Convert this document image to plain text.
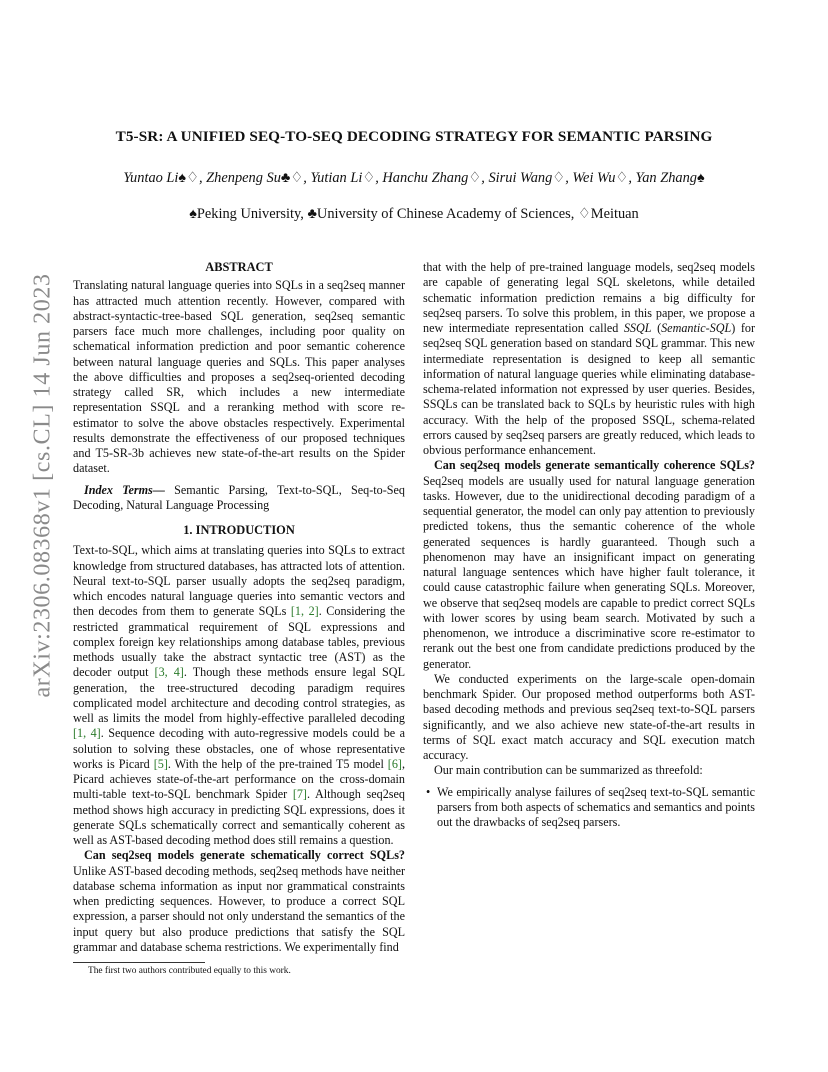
arXiv:2306.08368v1 [cs.CL] 14 Jun 2023
T5-SR: A UNIFIED SEQ-TO-SEQ DECODING STRATEGY FOR SEMANTIC PARSING
Yuntao Li♠♢, Zhenpeng Su♣♢, Yutian Li♢, Hanchu Zhang♢, Sirui Wang♢, Wei Wu♢, Yan Zhang♠
♠Peking University, ♣University of Chinese Academy of Sciences, ♢Meituan
ABSTRACT

Translating natural language queries into SQLs in a seq2seq manner has attracted much attention recently. However, compared with abstract-syntactic-tree-based SQL generation, seq2seq semantic parsers face much more challenges, including poor quality on schematical information prediction and poor semantic coherence between natural language queries and SQLs. This paper analyses the above difficulties and proposes a seq2seq-oriented decoding strategy called SR, which includes a new intermediate representation SSQL and a reranking method with score re-estimator to solve the above obstacles respectively. Experimental results demonstrate the effectiveness of our proposed techniques and T5-SR-3b achieves new state-of-the-art results on the Spider dataset.

Index Terms— Semantic Parsing, Text-to-SQL, Seq-to-Seq Decoding, Natural Language Processing

1. INTRODUCTION

Text-to-SQL, which aims at translating queries into SQLs to extract knowledge from structured databases, has attracted lots of attention. Neural text-to-SQL parser usually adopts the seq2seq paradigm, which encodes natural language queries into semantic vectors and then decodes from them to generate SQLs [1, 2]. Considering the restricted grammatical requirement of SQL expressions and complex foreign key relationships among database tables, previous methods usually take the abstract syntactic tree (AST) as the decoder output [3, 4]. Though these methods ensure legal SQL generation, the tree-structured decoding paradigm requires complicated model architecture and decoding control strategies, as well as limits the model from highly-effective paralleled decoding [1, 4]. Sequence decoding with auto-regressive models could be a solution to solving these obstacles, one of whose representative works is Picard [5]. With the help of the pre-trained T5 model [6], Picard achieves state-of-the-art performance on the cross-domain multi-table text-to-SQL benchmark Spider [7]. Although seq2seq method shows high accuracy in predicting SQL expressions, does it generate SQLs schematically correct and semantically coherent as well as AST-based decoding method does still remains a question.

Can seq2seq models generate schematically correct SQLs? Unlike AST-based decoding methods, seq2seq methods have neither database schema information as input nor grammatical constraints when predicting sequences. However, to produce a correct SQL expression, a parser should not only understand the semantics of the input query but also produce predictions that satisfy the SQL grammar and database schema restrictions. We experimentally find

that with the help of pre-trained language models, seq2seq models are capable of generating legal SQL skeletons, while detailed schematic information prediction remains a big difficulty for seq2seq parsers. To solve this problem, in this paper, we propose a new intermediate representation called SSQL (Semantic-SQL) for seq2seq SQL generation based on standard SQL grammar. This new intermediate representation is designed to keep all semantic information of natural language queries while eliminating database-schema-related information not expressed by user queries. Besides, SSQLs can be translated back to SQLs by heuristic rules with high accuracy. With the help of the proposed SSQL, schema-related errors caused by seq2seq parsers are greatly reduced, which leads to obvious performance enhancement.

Can seq2seq models generate semantically coherence SQLs? Seq2seq models are usually used for natural language generation tasks. However, due to the unidirectional decoding paradigm of a sequential generator, the model can only pay attention to previously predicted tokens, thus the semantic coherence of the whole generated sequences is hardly guaranteed. Though such a phenomenon may have an insignificant impact on generating natural language sentences which have higher fault tolerance, it could cause catastrophic failure when generating SQLs. Moreover, we observe that seq2seq models are capable to predict correct SQLs with lower scores by using beam search. Motivated by such a phenomenon, we introduce a discriminative score re-estimator to rerank out the best one from candidate predictions produced by the generator.

We conducted experiments on the large-scale open-domain benchmark Spider. Our proposed method outperforms both AST-based decoding methods and previous seq2seq text-to-SQL parsers significantly, and we also achieve new state-of-the-art results in terms of SQL exact match accuracy and SQL execution match accuracy.

Our main contribution can be summarized as threefold:

• We empirically analyse failures of seq2seq text-to-SQL semantic parsers from both aspects of schematics and semantics and points out the drawbacks of seq2seq parsers.
The first two authors contributed equally to this work.
